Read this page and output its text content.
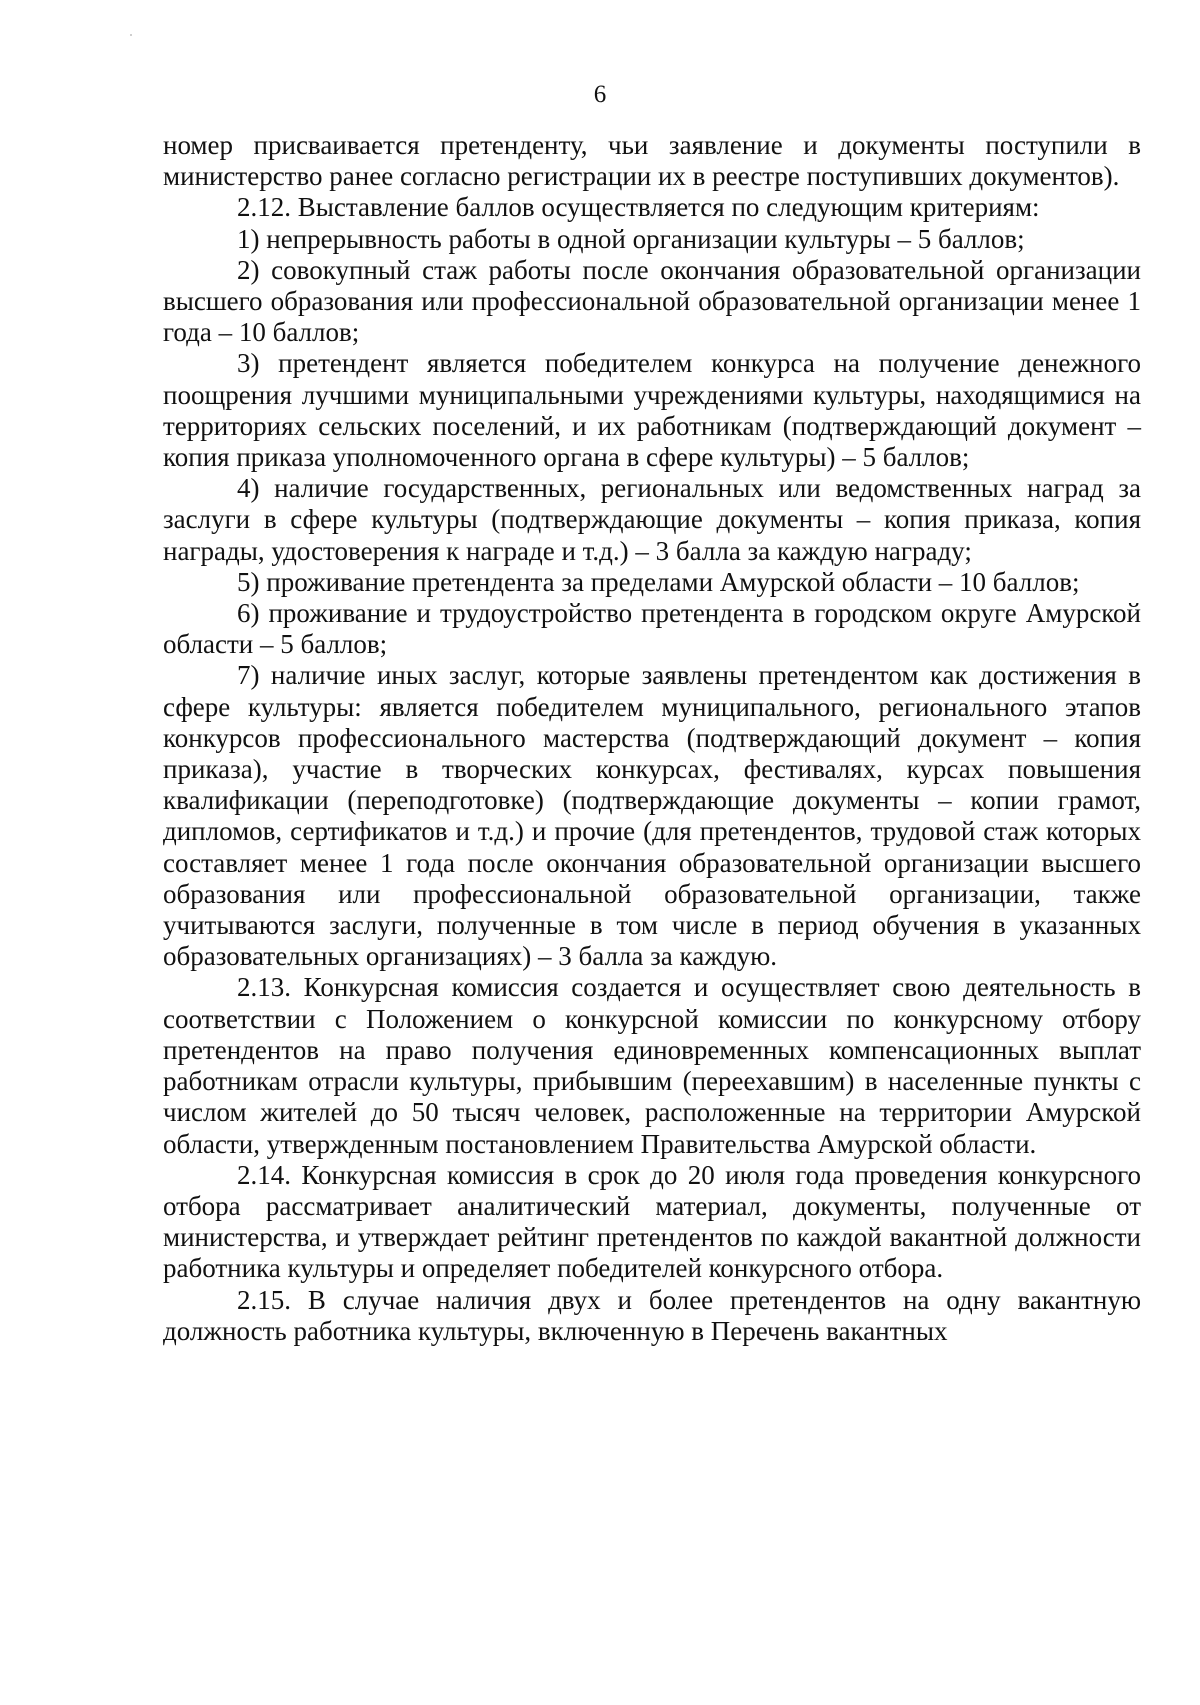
6

номер присваивается претенденту, чьи заявление и документы поступили в министерство ранее согласно регистрации их в реестре поступивших документов).

2.12. Выставление баллов осуществляется по следующим критериям:

1) непрерывность работы в одной организации культуры – 5 баллов;

2) совокупный стаж работы после окончания образовательной организации высшего образования или профессиональной образовательной организации менее 1 года – 10 баллов;

3) претендент является победителем конкурса на получение денежного поощрения лучшими муниципальными учреждениями культуры, находящимися на территориях сельских поселений, и их работникам (подтверждающий документ – копия приказа уполномоченного органа в сфере культуры) – 5 баллов;

4) наличие государственных, региональных или ведомственных наград за заслуги в сфере культуры (подтверждающие документы – копия приказа, копия награды, удостоверения к награде и т.д.) – 3 балла за каждую награду;

5) проживание претендента за пределами Амурской области – 10 баллов;

6) проживание и трудоустройство претендента в городском округе Амурской области – 5 баллов;

7) наличие иных заслуг, которые заявлены претендентом как достижения в сфере культуры: является победителем муниципального, регионального этапов конкурсов профессионального мастерства (подтверждающий документ – копия приказа), участие в творческих конкурсах, фестивалях, курсах повышения квалификации (переподготовке) (подтверждающие документы – копии грамот, дипломов, сертификатов и т.д.) и прочие (для претендентов, трудовой стаж которых составляет менее 1 года после окончания образовательной организации высшего образования или профессиональной образовательной организации, также учитываются заслуги, полученные в том числе в период обучения в указанных образовательных организациях) – 3 балла за каждую.

2.13. Конкурсная комиссия создается и осуществляет свою деятельность в соответствии с Положением о конкурсной комиссии по конкурсному отбору претендентов на право получения единовременных компенсационных выплат работникам отрасли культуры, прибывшим (переехавшим) в населенные пункты с числом жителей до 50 тысяч человек, расположенные на территории Амурской области, утвержденным постановлением Правительства Амурской области.

2.14. Конкурсная комиссия в срок до 20 июля года проведения конкурсного отбора рассматривает аналитический материал, документы, полученные от министерства, и утверждает рейтинг претендентов по каждой вакантной должности работника культуры и определяет победителей конкурсного отбора.

2.15. В случае наличия двух и более претендентов на одну вакантную должность работника культуры, включенную в Перечень вакантных
